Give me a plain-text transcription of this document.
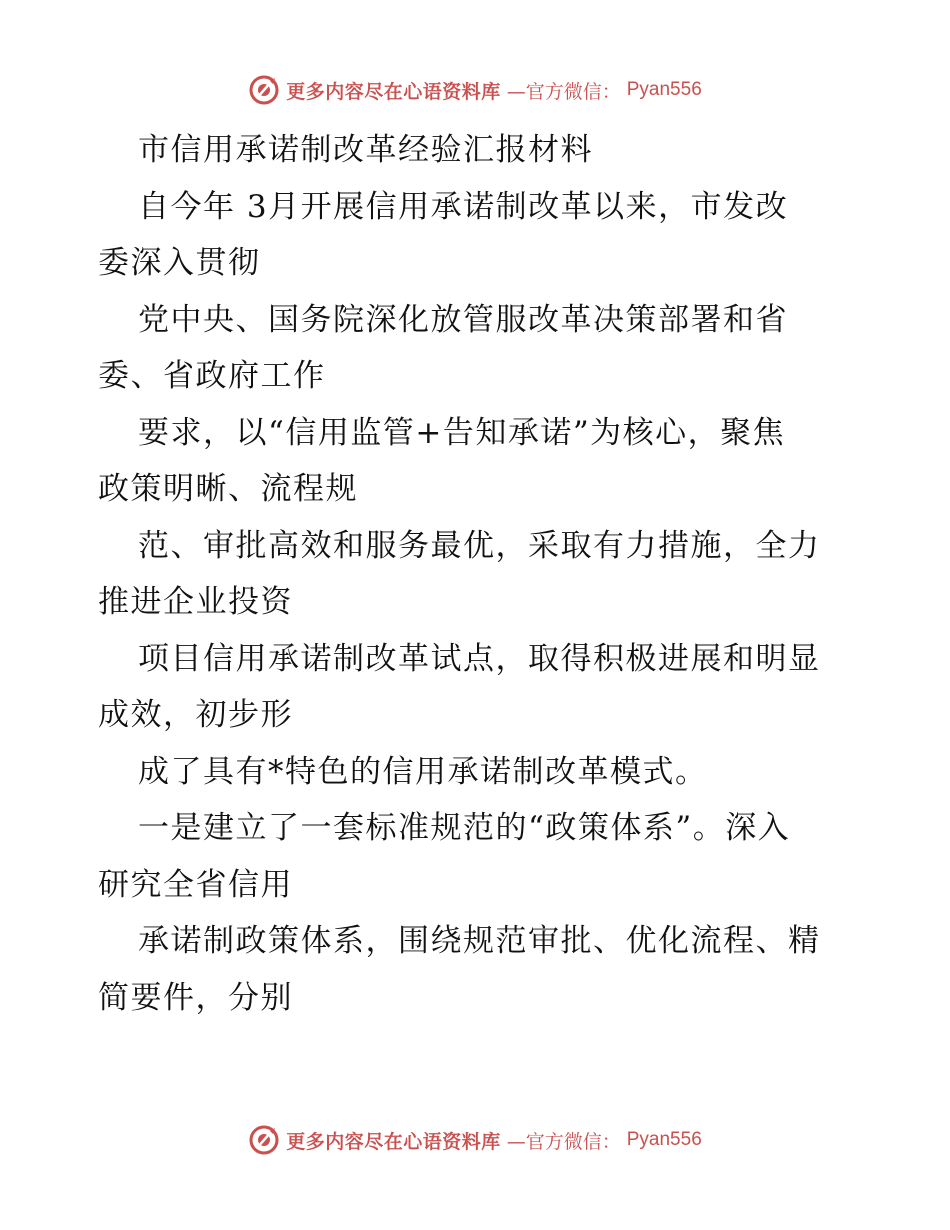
更多内容尽在心语资料库 —官方微信： Pyan556
市信用承诺制改革经验汇报材料
自今年 3月开展信用承诺制改革以来，市发改
委深入贯彻
党中央、国务院深化放管服改革决策部署和省
委、省政府工作
要求，以“信用监管+告知承诺”为核心，聚焦
政策明晰、流程规
范、审批高效和服务最优，采取有力措施，全力
推进企业投资
项目信用承诺制改革试点，取得积极进展和明显
成效，初步形
成了具有*特色的信用承诺制改革模式。
一是建立了一套标准规范的“政策体系”。深入
研究全省信用
承诺制政策体系，围绕规范审批、优化流程、精
简要件，分别
更多内容尽在心语资料库 —官方微信： Pyan556
